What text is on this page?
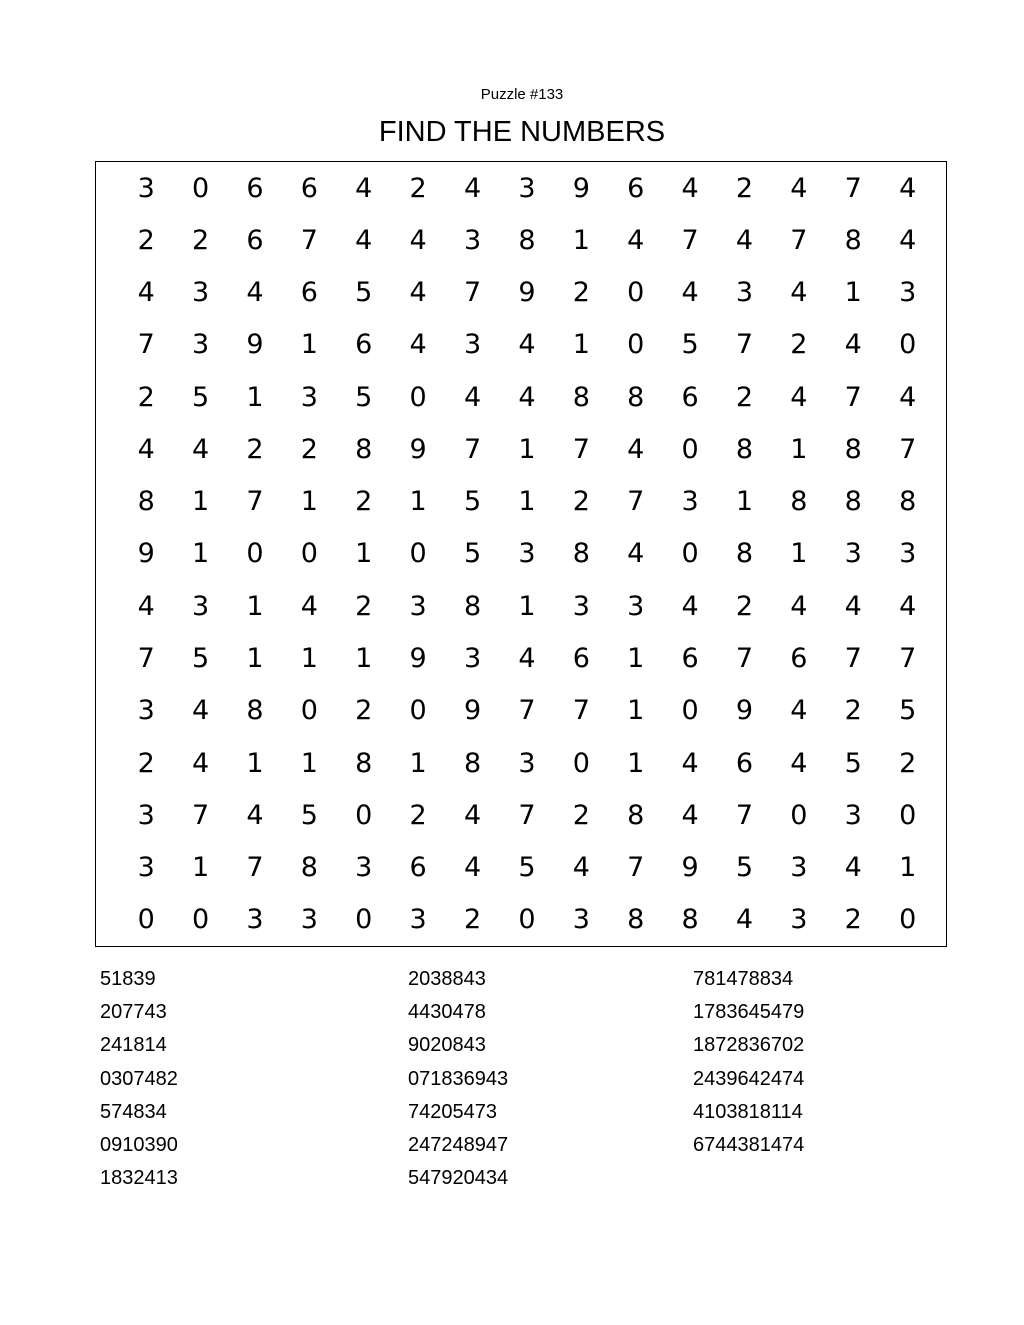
Puzzle #133
FIND THE NUMBERS
3	0	6	6	4	2	4	3	9	6	4	2	4	7	4
2	2	6	7	4	4	3	8	1	4	7	4	7	8	4
4	3	4	6	5	4	7	9	2	0	4	3	4	1	3
7	3	9	1	6	4	3	4	1	0	5	7	2	4	0
2	5	1	3	5	0	4	4	8	8	6	2	4	7	4
4	4	2	2	8	9	7	1	7	4	0	8	1	8	7
8	1	7	1	2	1	5	1	2	7	3	1	8	8	8
9	1	0	0	1	0	5	3	8	4	0	8	1	3	3
4	3	1	4	2	3	8	1	3	3	4	2	4	4	4
7	5	1	1	1	9	3	4	6	1	6	7	6	7	7
3	4	8	0	2	0	9	7	7	1	0	9	4	2	5
2	4	1	1	8	1	8	3	0	1	4	6	4	5	2
3	7	4	5	0	2	4	7	2	8	4	7	0	3	0
3	1	7	8	3	6	4	5	4	7	9	5	3	4	1
0	0	3	3	0	3	2	0	3	8	8	4	3	2	0
51839
207743
241814
0307482
574834
0910390
1832413
2038843
4430478
9020843
071836943
74205473
247248947
547920434
781478834
1783645479
1872836702
2439642474
4103818114
6744381474
